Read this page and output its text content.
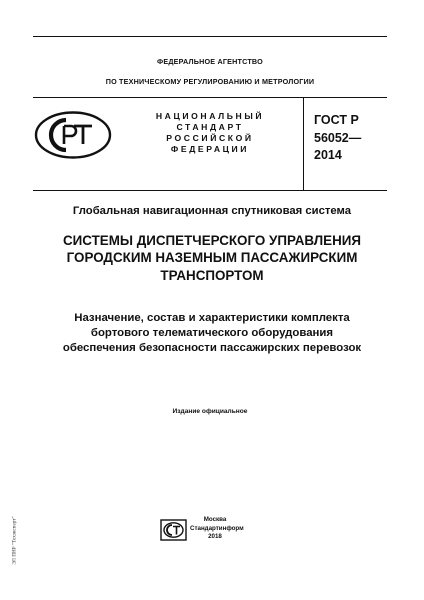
ФЕДЕРАЛЬНОЕ АГЕНТСТВО
ПО ТЕХНИЧЕСКОМУ РЕГУЛИРОВАНИЮ И МЕТРОЛОГИИ
НАЦИОНАЛЬНЫЙ
СТАНДАРТ
РОССИЙСКОЙ
ФЕДЕРАЦИИ
ГОСТ Р
56052—
2014
Глобальная навигационная спутниковая система
СИСТЕМЫ ДИСПЕТЧЕРСКОГО УПРАВЛЕНИЯ
ГОРОДСКИМ НАЗЕМНЫМ ПАССАЖИРСКИМ
ТРАНСПОРТОМ
Назначение, состав и характеристики комплекта
бортового телематического оборудования
обеспечения безопасности пассажирских перевозок
Издание официальное
Москва
Стандартинформ
2018
ЭЛ ПНР "Техэксперт"
